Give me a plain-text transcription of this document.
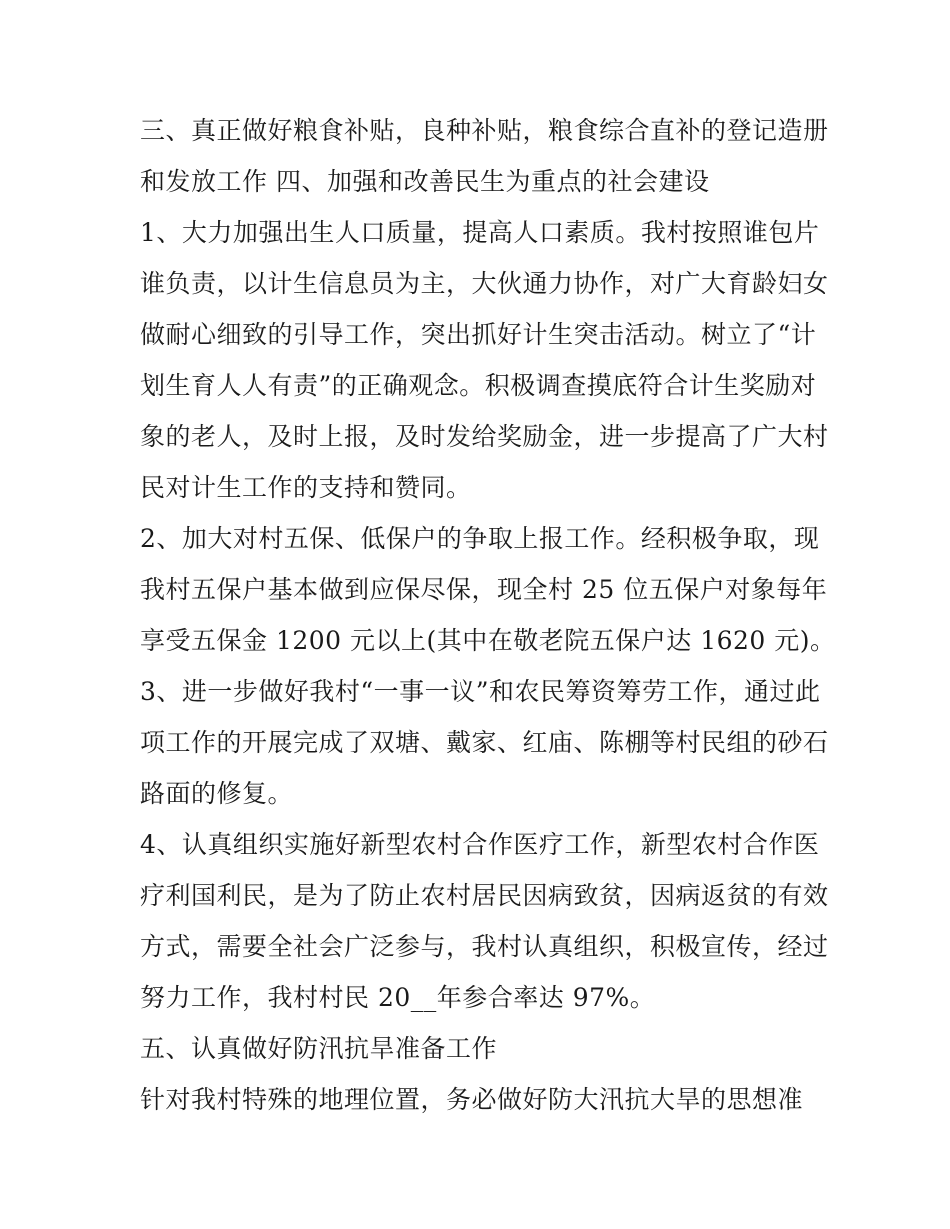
三、真正做好粮食补贴，良种补贴，粮食综合直补的登记造册
和发放工作 四、加强和改善民生为重点的社会建设
1、大力加强出生人口质量，提高人口素质。我村按照谁包片
谁负责，以计生信息员为主，大伙通力协作，对广大育龄妇女
做耐心细致的引导工作，突出抓好计生突击活动。树立了“计
划生育人人有责”的正确观念。积极调查摸底符合计生奖励对
象的老人，及时上报，及时发给奖励金，进一步提高了广大村
民对计生工作的支持和赞同。
2、加大对村五保、低保户的争取上报工作。经积极争取，现
我村五保户基本做到应保尽保，现全村 25 位五保户对象每年
享受五保金 1200 元以上(其中在敬老院五保户达 1620 元)。
3、进一步做好我村“一事一议”和农民筹资筹劳工作，通过此
项工作的开展完成了双塘、戴家、红庙、陈棚等村民组的砂石
路面的修复。
4、认真组织实施好新型农村合作医疗工作，新型农村合作医
疗利国利民，是为了防止农村居民因病致贫，因病返贫的有效
方式，需要全社会广泛参与，我村认真组织，积极宣传，经过
努力工作，我村村民 20__年参合率达 97%。
五、认真做好防汛抗旱准备工作
针对我村特殊的地理位置，务必做好防大汛抗大旱的思想准
